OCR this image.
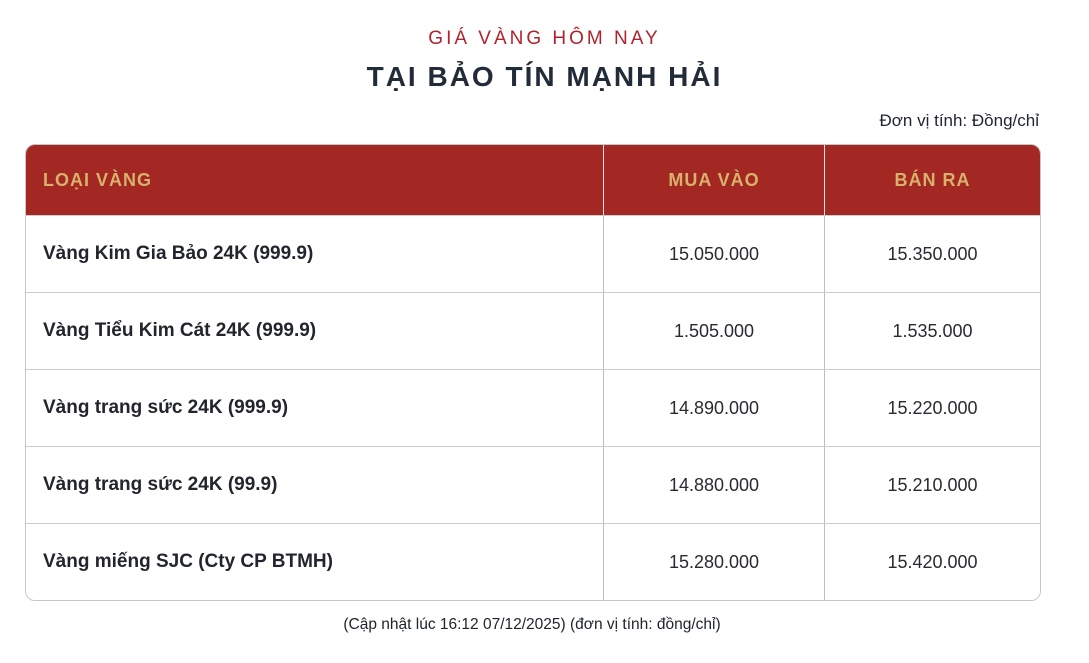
GIÁ VÀNG HÔM NAY
TẠI BẢO TÍN MẠNH HẢI
Đơn vị tính: Đồng/chỉ
LOẠI VÀNG	MUA VÀO	BÁN RA
Vàng Kim Gia Bảo 24K (999.9)	15.050.000	15.350.000
Vàng Tiểu Kim Cát 24K (999.9)	1.505.000	1.535.000
Vàng trang sức 24K (999.9)	14.890.000	15.220.000
Vàng trang sức 24K (99.9)	14.880.000	15.210.000
Vàng miếng SJC (Cty CP BTMH)	15.280.000	15.420.000
(Cập nhật lúc 16:12 07/12/2025) (đơn vị tính: đồng/chỉ)
